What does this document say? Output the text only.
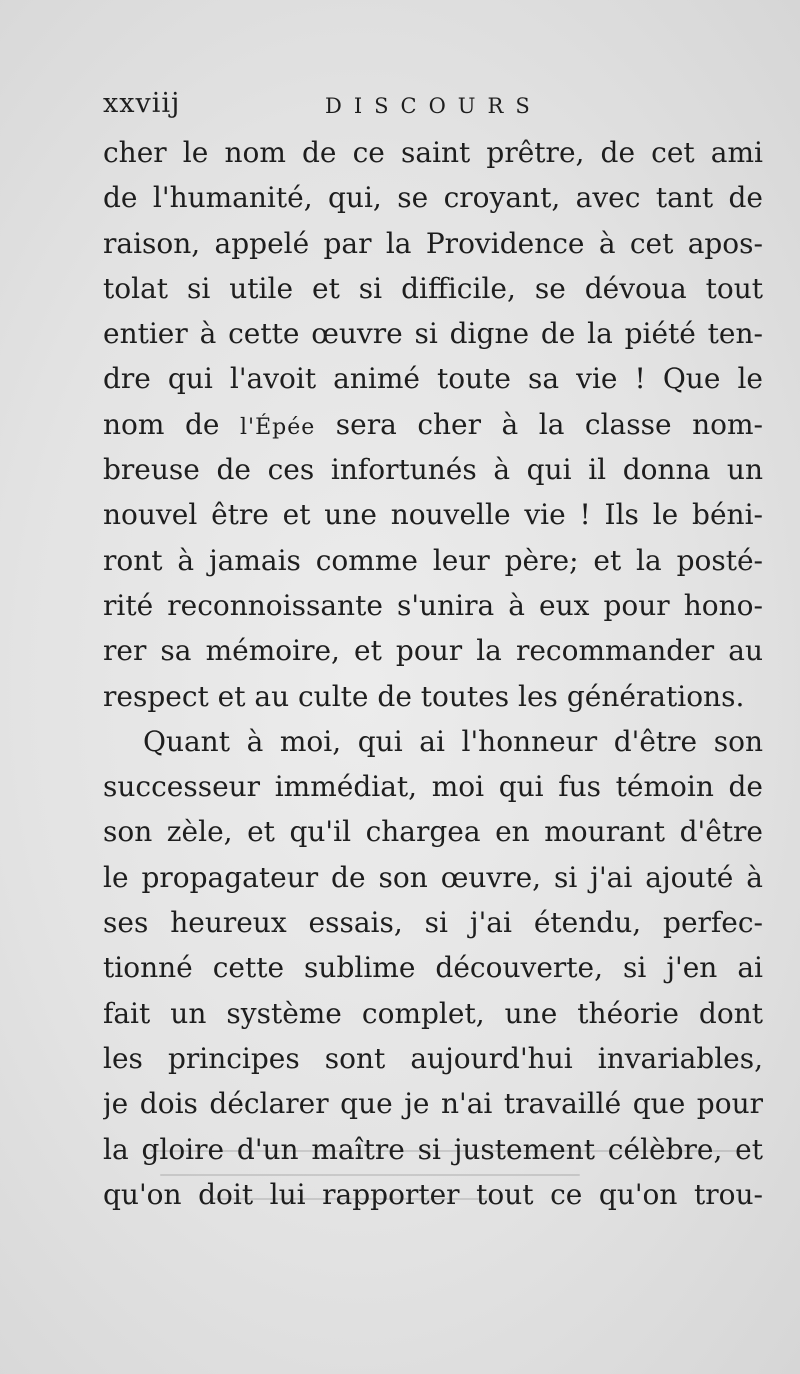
xxviij	DISCOURS
cher le nom de ce saint prêtre, de cet ami
de l'humanité, qui, se croyant, avec tant de
raison, appelé par la Providence à cet apos-
tolat si utile et si difficile, se dévoua tout
entier à cette œuvre si digne de la piété ten-
dre qui l'avoit animé toute sa vie ! Que le
nom de l'Épée sera cher à la classe nom-
breuse de ces infortunés à qui il donna un
nouvel être et une nouvelle vie ! Ils le béni-
ront à jamais comme leur père; et la posté-
rité reconnoissante s'unira à eux pour hono-
rer sa mémoire, et pour la recommander au
respect et au culte de toutes les générations.
Quant à moi, qui ai l'honneur d'être son
successeur immédiat, moi qui fus témoin de
son zèle, et qu'il chargea en mourant d'être
le propagateur de son œuvre, si j'ai ajouté à
ses heureux essais, si j'ai étendu, perfec-
tionné cette sublime découverte, si j'en ai
fait un système complet, une théorie dont
les principes sont aujourd'hui invariables,
je dois déclarer que je n'ai travaillé que pour
la gloire d'un maître si justement célèbre, et
qu'on doit lui rapporter tout ce qu'on trou-
